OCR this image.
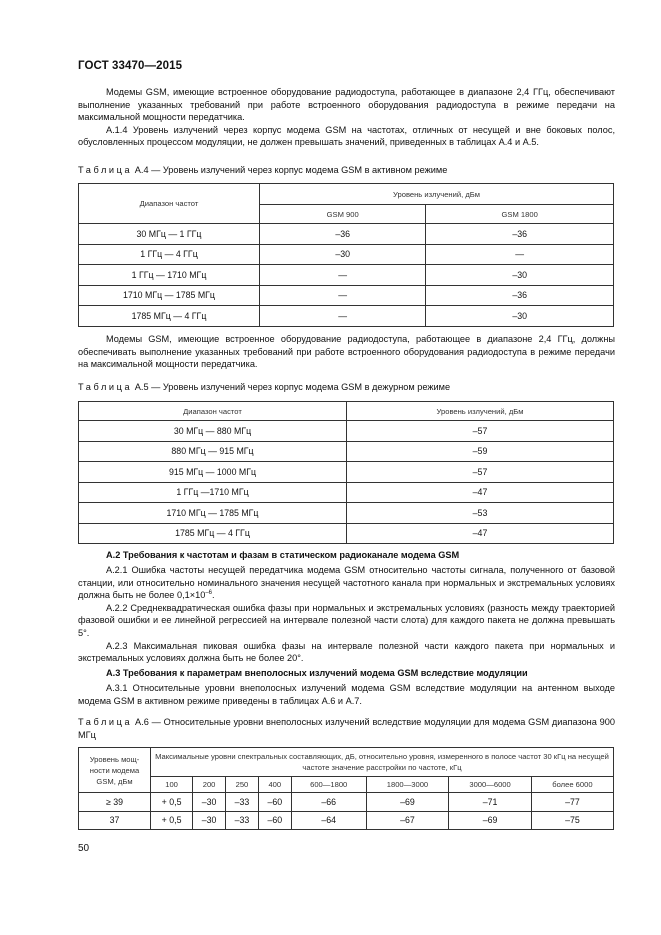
ГОСТ 33470—2015

Модемы GSM, имеющие встроенное оборудование радиодоступа, работающее в диапазоне 2,4 ГГц, обеспечивают выполнение указанных требований при работе встроенного оборудования радиодоступа в режиме передачи на максимальной мощности передатчика.

А.1.4 Уровень излучений через корпус модема GSM на частотах, отличных от несущей и вне боковых полос, обусловленных процессом модуляции, не должен превышать значений, приведенных в таблицах А.4 и А.5.

Таблица А.4 — Уровень излучений через корпус модема GSM в активном режиме
Диапазон частот	Уровень излучений, дБм	
	GSM 900	GSM 1800
30 МГц — 1 ГГц	–36	–36
1 ГГц — 4 ГГц	–30	—
1 ГГц — 1710 МГц	—	–30
1710 МГц — 1785 МГц	—	–36
1785 МГц — 4 ГГц	—	–30

Модемы GSM, имеющие встроенное оборудование радиодоступа, работающее в диапазоне 2,4 ГГц, должны обеспечивать выполнение указанных требований при работе встроенного оборудования радиодоступа в режиме передачи на максимальной мощности передатчика.

Таблица А.5 — Уровень излучений через корпус модема GSM в дежурном режиме
Диапазон частот	Уровень излучений, дБм
30 МГц — 880 МГц	–57
880 МГц — 915 МГц	–59
915 МГц — 1000 МГц	–57
1 ГГц —1710 МГц	–47
1710 МГц — 1785 МГц	–53
1785 МГц — 4 ГГц	–47
А.2 Требования к частотам и фазам в статическом радиоканале модема GSM

А.2.1 Ошибка частоты несущей передатчика модема GSM относительно частоты сигнала, полученного от базовой станции, или относительно номинального значения несущей частотного канала при нормальных и экстремальных условиях должна быть не более $0,1\times 10^{-6}$.

А.2.2 Среднеквадратическая ошибка фазы при нормальных и экстремальных условиях (разность между траекторией фазовой ошибки и ее линейной регрессией на интервале полезной части слота) для каждого пакета не должна превышать 5°.

А.2.3 Максимальная пиковая ошибка фазы на интервале полезной части каждого пакета при нормальных и экстремальных условиях должна быть не более 20°.

А.3 Требования к параметрам внеполосных излучений модема GSM вследствие модуляции

А.3.1 Относительные уровни внеполосных излучений модема GSM вследствие модуляции на антенном выходе модема GSM в активном режиме приведены в таблицах А.6 и А.7.

Таблица А.6 — Относительные уровни внеполосных излучений вследствие модуляции для модема GSM диапазона 900 МГц
Уровень мощ-ности модема GSM, дБм	Максимальные уровни спектральных составляющих, дБ, относительно уровня, измеренного в полосе частот 30 кГц на несущей частоте значение расстройки по частоте, кГц							
	100	200	250	400	600—1800	1800—3000	3000—6000	более 6000
≥ 39	+ 0,5	–30	–33	–60	–66	–69	–71	–77
37	+ 0,5	–30	–33	–60	–64	–67	–69	–75
50
